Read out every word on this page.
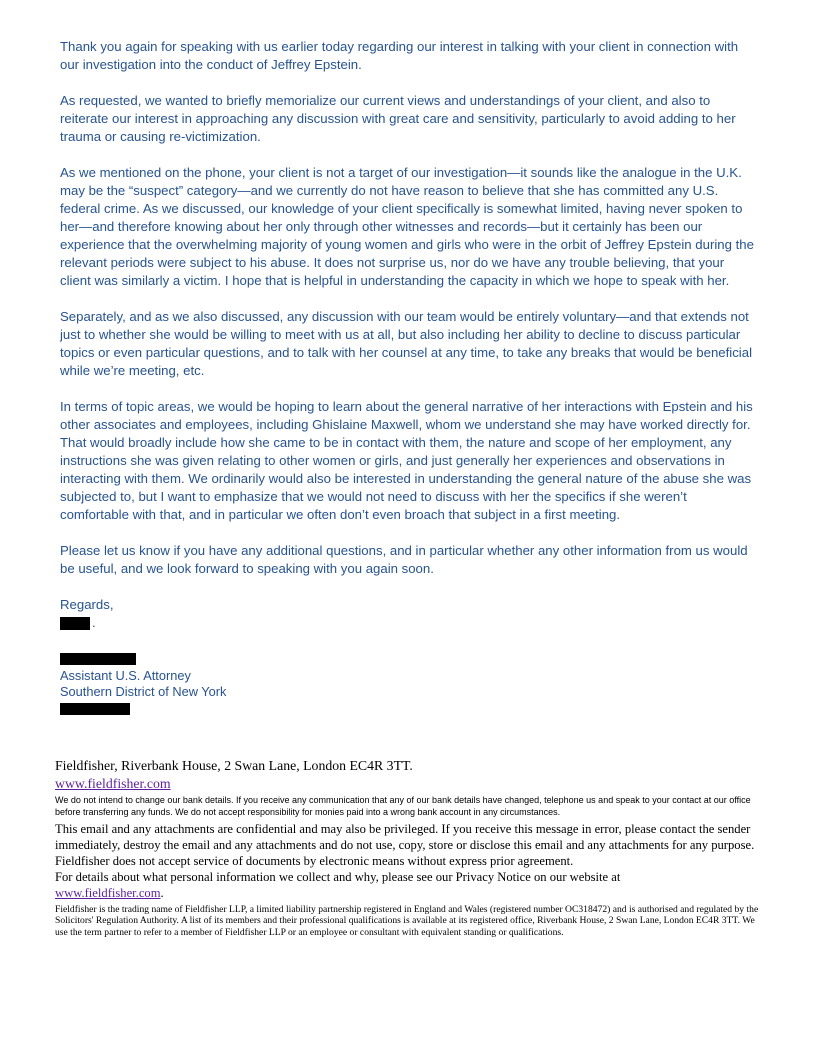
Thank you again for speaking with us earlier today regarding our interest in talking with your client in connection with our investigation into the conduct of Jeffrey Epstein.

As requested, we wanted to briefly memorialize our current views and understandings of your client, and also to reiterate our interest in approaching any discussion with great care and sensitivity, particularly to avoid adding to her trauma or causing re-victimization.

As we mentioned on the phone, your client is not a target of our investigation—it sounds like the analogue in the U.K. may be the “suspect” category—and we currently do not have reason to believe that she has committed any U.S. federal crime. As we discussed, our knowledge of your client specifically is somewhat limited, having never spoken to her—and therefore knowing about her only through other witnesses and records—but it certainly has been our experience that the overwhelming majority of young women and girls who were in the orbit of Jeffrey Epstein during the relevant periods were subject to his abuse. It does not surprise us, nor do we have any trouble believing, that your client was similarly a victim. I hope that is helpful in understanding the capacity in which we hope to speak with her.

Separately, and as we also discussed, any discussion with our team would be entirely voluntary—and that extends not just to whether she would be willing to meet with us at all, but also including her ability to decline to discuss particular topics or even particular questions, and to talk with her counsel at any time, to take any breaks that would be beneficial while we’re meeting, etc.

In terms of topic areas, we would be hoping to learn about the general narrative of her interactions with Epstein and his other associates and employees, including Ghislaine Maxwell, whom we understand she may have worked directly for. That would broadly include how she came to be in contact with them, the nature and scope of her employment, any instructions she was given relating to other women or girls, and just generally her experiences and observations in interacting with them. We ordinarily would also be interested in understanding the general nature of the abuse she was subjected to, but I want to emphasize that we would not need to discuss with her the specifics if she weren’t comfortable with that, and in particular we often don’t even broach that subject in a first meeting.

Please let us know if you have any additional questions, and in particular whether any other information from us would be useful, and we look forward to speaking with you again soon.

Regards,

.
Assistant U.S. Attorney
Southern District of New York
Fieldfisher, Riverbank House, 2 Swan Lane, London EC4R 3TT.
www.fieldfisher.com
We do not intend to change our bank details. If you receive any communication that any of our bank details have changed, telephone us and speak to your contact at our office before transferring any funds. We do not accept responsibility for monies paid into a wrong bank account in any circumstances.
This email and any attachments are confidential and may also be privileged. If you receive this message in error, please contact the sender immediately, destroy the email and any attachments and do not use, copy, store or disclose this email and any attachments for any purpose. Fieldfisher does not accept service of documents by electronic means without express prior agreement.
For details about what personal information we collect and why, please see our Privacy Notice on our website at
www.fieldfisher.com.
Fieldfisher is the trading name of Fieldfisher LLP, a limited liability partnership registered in England and Wales (registered number OC318472) and is authorised and regulated by the Solicitors' Regulation Authority. A list of its members and their professional qualifications is available at its registered office, Riverbank House, 2 Swan Lane, London EC4R 3TT. We use the term partner to refer to a member of Fieldfisher LLP or an employee or consultant with equivalent standing or qualifications.
